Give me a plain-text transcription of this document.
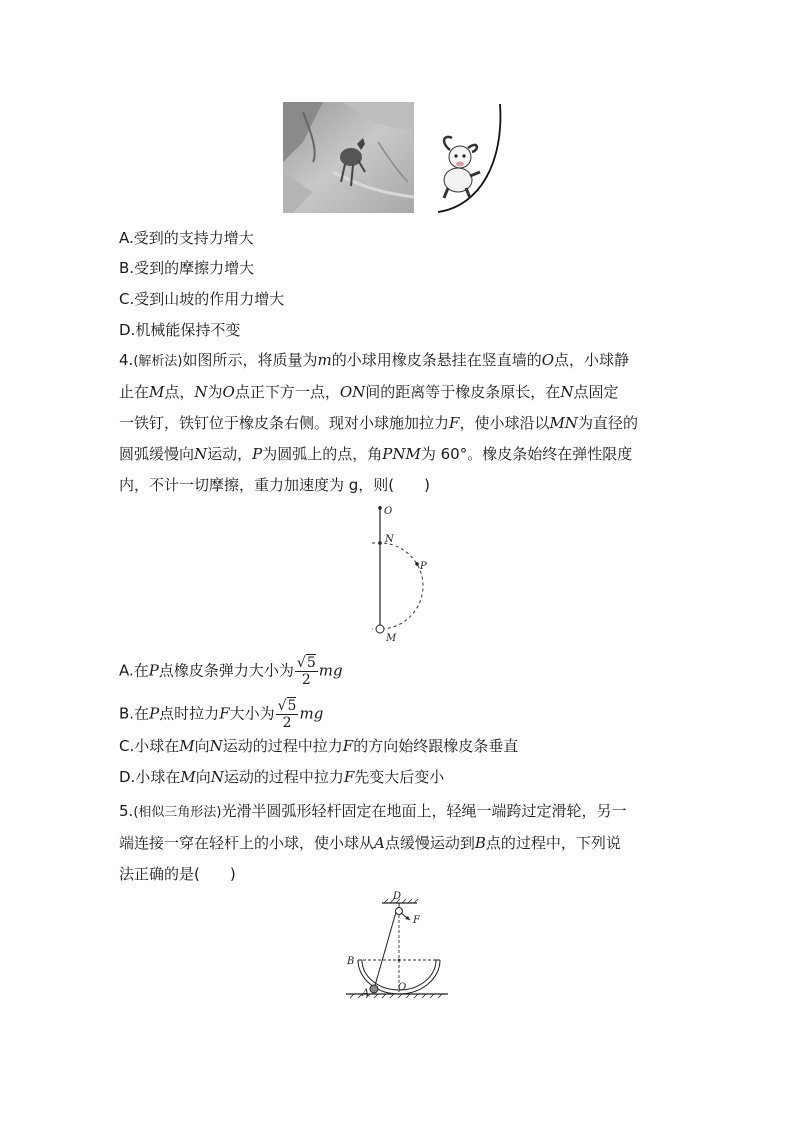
A.受到的支持力增大
B.受到的摩擦力增大
C.受到山坡的作用力增大
D.机械能保持不变

4.(解析法)如图所示，将质量为m的小球用橡皮条悬挂在竖直墙的O点，小球静

止在M点，N为O点正下方一点，ON间的距离等于橡皮条原长，在N点固定

一铁钉，铁钉位于橡皮条右侧。现对小球施加拉力F，使小球沿以MN为直径的

圆弧缓慢向N运动，P为圆弧上的点，角PNM为 60°。橡皮条始终在弹性限度

内，不计一切摩擦，重力加速度为 g，则(　　)

O
N
P
M
A.在P点橡皮条弹力大小为 $\frac{√5}{2}$ mg
B.在P点时拉力F大小为 $\frac{√5}{2}$ mg
C.小球在M向N运动的过程中拉力F的方向始终跟橡皮条垂直
D.小球在M向N运动的过程中拉力F先变大后变小

5.(相似三角形法)光滑半圆弧形轻杆固定在地面上，轻绳一端跨过定滑轮，另一

端连接一穿在轻杆上的小球，使小球从A点缓慢运动到B点的过程中，下列说

法正确的是(　　)

D
F
B
A
O
